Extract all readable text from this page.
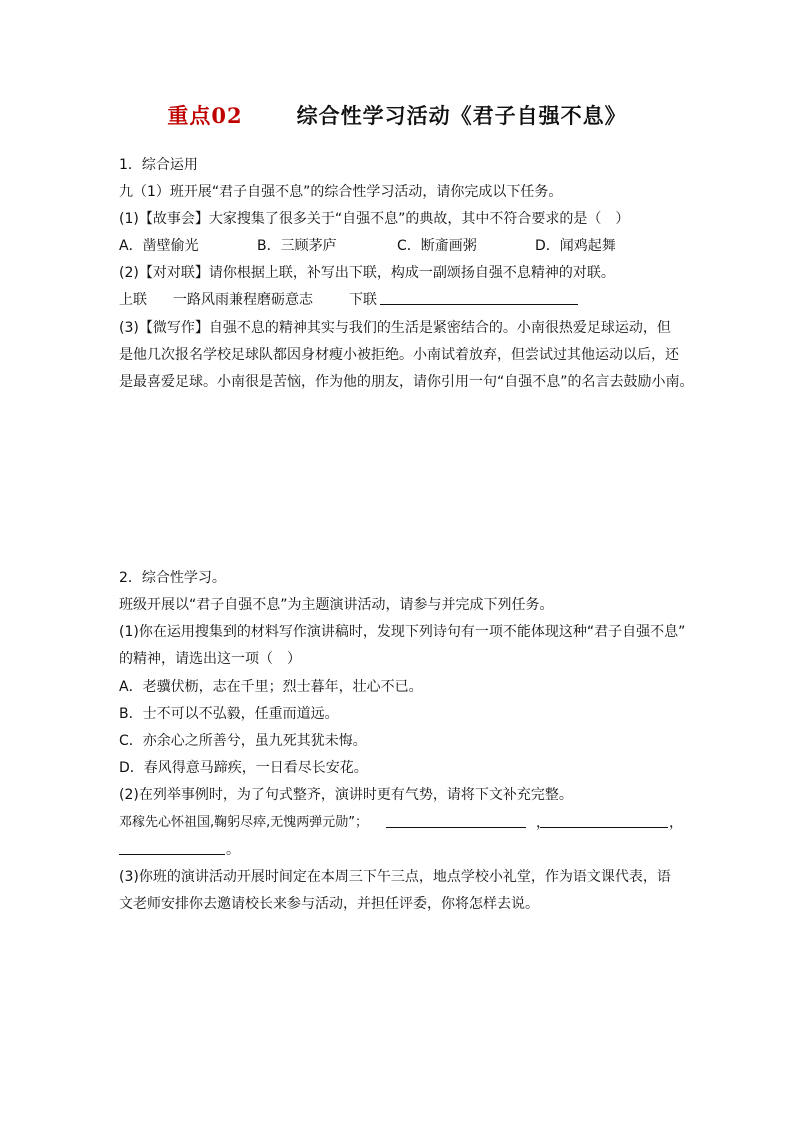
重点02	综合性学习活动《君子自强不息》
1．综合运用
九（1）班开展“君子自强不息”的综合性学习活动，请你完成以下任务。
(1)【故事会】大家搜集了很多关于“自强不息”的典故，其中不符合要求的是（　）
A．凿壁偷光	B．三顾茅庐	C．断齑画粥	D．闻鸡起舞
(2)【对对联】请你根据上联，补写出下联，构成一副颂扬自强不息精神的对联。
上联 一路风雨兼程磨砺意志	下联
(3)【微写作】自强不息的精神其实与我们的生活是紧密结合的。小南很热爱足球运动，但
是他几次报名学校足球队都因身材瘦小被拒绝。小南试着放弃，但尝试过其他运动以后，还
是最喜爱足球。小南很是苦恼，作为他的朋友，请你引用一句“自强不息”的名言去鼓励小南。
2．综合性学习。
班级开展以“君子自强不息”为主题演讲活动，请参与并完成下列任务。
(1)你在运用搜集到的材料写作演讲稿时，发现下列诗句有一项不能体现这种“君子自强不息”
的精神，请选出这一项（　）
A．老骥伏枥，志在千里；烈士暮年，壮心不已。
B．士不可以不弘毅，任重而道远。
C．亦余心之所善兮，虽九死其犹未悔。
D．春风得意马蹄疾，一日看尽长安花。
(2)在列举事例时，为了句式整齐，演讲时更有气势，请将下文补充完整。
邓稼先心怀祖国,鞠躬尽瘁,无愧两弹元勋”；	，	，
。
(3)你班的演讲活动开展时间定在本周三下午三点，地点学校小礼堂，作为语文课代表，语
文老师安排你去邀请校长来参与活动，并担任评委，你将怎样去说。
